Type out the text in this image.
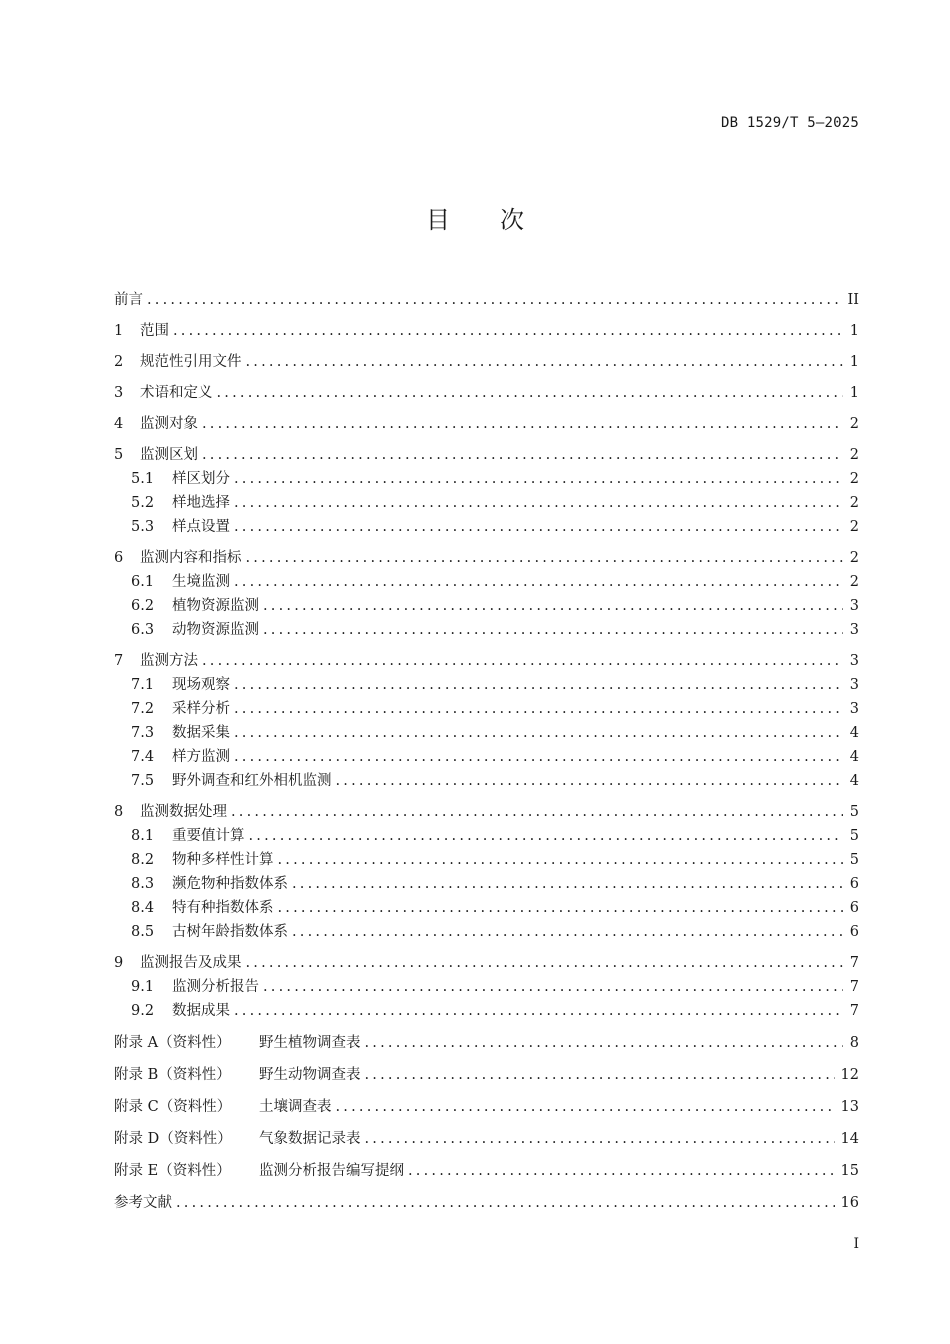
DB 1529/T 5—2025
目次
前言 .....	II
1 范围 .....	1
2 规范性引用文件 .....	1
3 术语和定义 .....	1
4 监测对象 .....	2
5 监测区划 .....	2
5.1 样区划分 .....	2
5.2 样地选择 .....	2
5.3 样点设置 .....	2
6 监测内容和指标 .....	2
6.1 生境监测 .....	2
6.2 植物资源监测 .....	3
6.3 动物资源监测 .....	3
7 监测方法 .....	3
7.1 现场观察 .....	3
7.2 采样分析 .....	3
7.3 数据采集 .....	4
7.4 样方监测 .....	4
7.5 野外调查和红外相机监测 .....	4
8 监测数据处理 .....	5
8.1 重要值计算 .....	5
8.2 物种多样性计算 .....	5
8.3 濒危物种指数体系 .....	6
8.4 特有种指数体系 .....	6
8.5 古树年龄指数体系 .....	6
9 监测报告及成果 .....	7
9.1 监测分析报告 .....	7
9.2 数据成果 .....	7
附录 A（资料性） 野生植物调查表 .....	8
附录 B（资料性） 野生动物调查表 .....	12
附录 C（资料性） 土壤调查表 .....	13
附录 D（资料性） 气象数据记录表 .....	14
附录 E（资料性） 监测分析报告编写提纲 .....	15
参考文献 .....	16
I
